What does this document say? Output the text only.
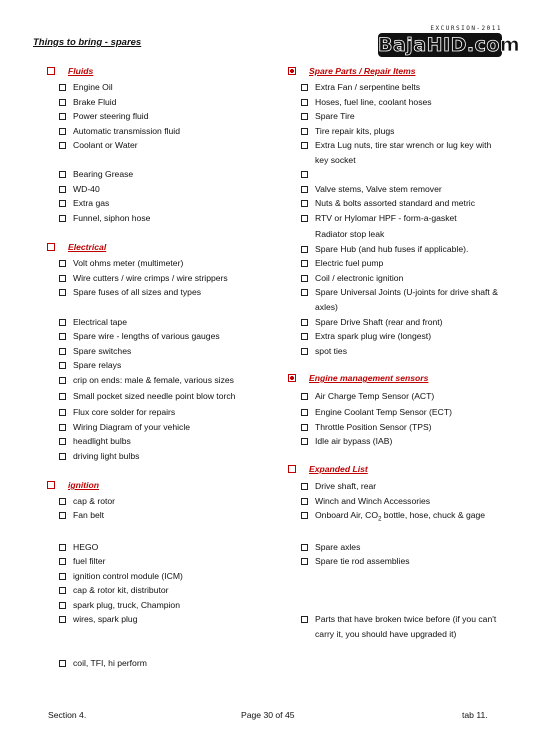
Things to bring - spares
EXCURSION-2011
BajaHID.com
Fluids
Engine Oil
Brake Fluid
Power steering fluid
Automatic transmission fluid
Coolant or Water
Bearing Grease
WD-40
Extra gas
Funnel, siphon hose
Electrical
Volt ohms meter (multimeter)
Wire cutters / wire crimps / wire strippers
Spare fuses of all sizes and types
Electrical tape
Spare wire - lengths of various gauges
Spare switches
Spare relays
crip on ends: male & female, various sizes
Small pocket sized needle point blow torch
Flux core solder for repairs
Wiring Diagram of your vehicle
headlight bulbs
driving light bulbs
ignition
cap & rotor
Fan belt
HEGO
fuel filter
ignition control module (ICM)
cap & rotor kit, distributor
spark plug, truck, Champion
wires, spark plug
coil, TFI, hi perform
Spare Parts / Repair Items
Extra Fan / serpentine belts
Hoses, fuel line, coolant hoses
Spare Tire
Tire repair kits, plugs
Extra Lug nuts, tire star wrench or lug key with key socket
Valve stems, Valve stem remover
Nuts & bolts assorted standard and metric
RTV or Hylomar HPF - form-a-gasket
Radiator stop leak
Spare Hub (and hub fuses if applicable).
Electric fuel pump
Coil / electronic ignition
Spare Universal Joints (U-joints for drive shaft & axles)
Spare Drive Shaft (rear and front)
Extra spark plug wire (longest)
spot ties
Engine management sensors
Air Charge Temp Sensor (ACT)
Engine Coolant Temp Sensor (ECT)
Throttle Position Sensor (TPS)
Idle air bypass (IAB)
Expanded List
Drive shaft, rear
Winch and Winch Accessories
Onboard Air, $CO_2$ bottle, hose, chuck & gage
Spare axles
Spare tie rod assemblies
Parts that have broken twice before (if you can't carry it, you should have upgraded it)
Section 4.	Page 30 of 45	tab 11.
